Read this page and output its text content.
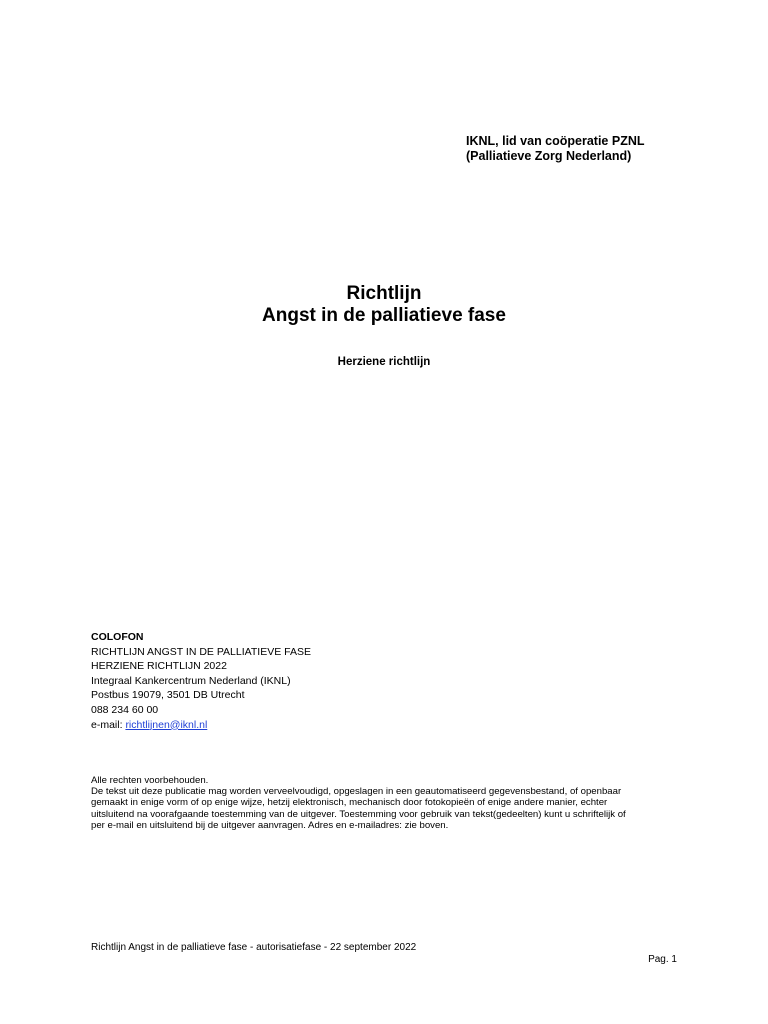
IKNL, lid van coöperatie PZNL
(Palliatieve Zorg Nederland)
Richtlijn
Angst in de palliatieve fase
Herziene richtlijn
COLOFON
RICHTLIJN ANGST IN DE PALLIATIEVE FASE
HERZIENE RICHTLIJN 2022
Integraal Kankercentrum Nederland (IKNL)
Postbus 19079, 3501 DB Utrecht
088 234 60 00
e-mail: richtlijnen@iknl.nl
Alle rechten voorbehouden.
De tekst uit deze publicatie mag worden verveelvoudigd, opgeslagen in een geautomatiseerd gegevensbestand, of openbaar
gemaakt in enige vorm of op enige wijze, hetzij elektronisch, mechanisch door fotokopieën of enige andere manier, echter
uitsluitend na voorafgaande toestemming van de uitgever. Toestemming voor gebruik van tekst(gedeelten) kunt u schriftelijk of
per e-mail en uitsluitend bij de uitgever aanvragen. Adres en e-mailadres: zie boven.
Richtlijn Angst in de palliatieve fase - autorisatiefase - 22 september 2022
Pag. 1
